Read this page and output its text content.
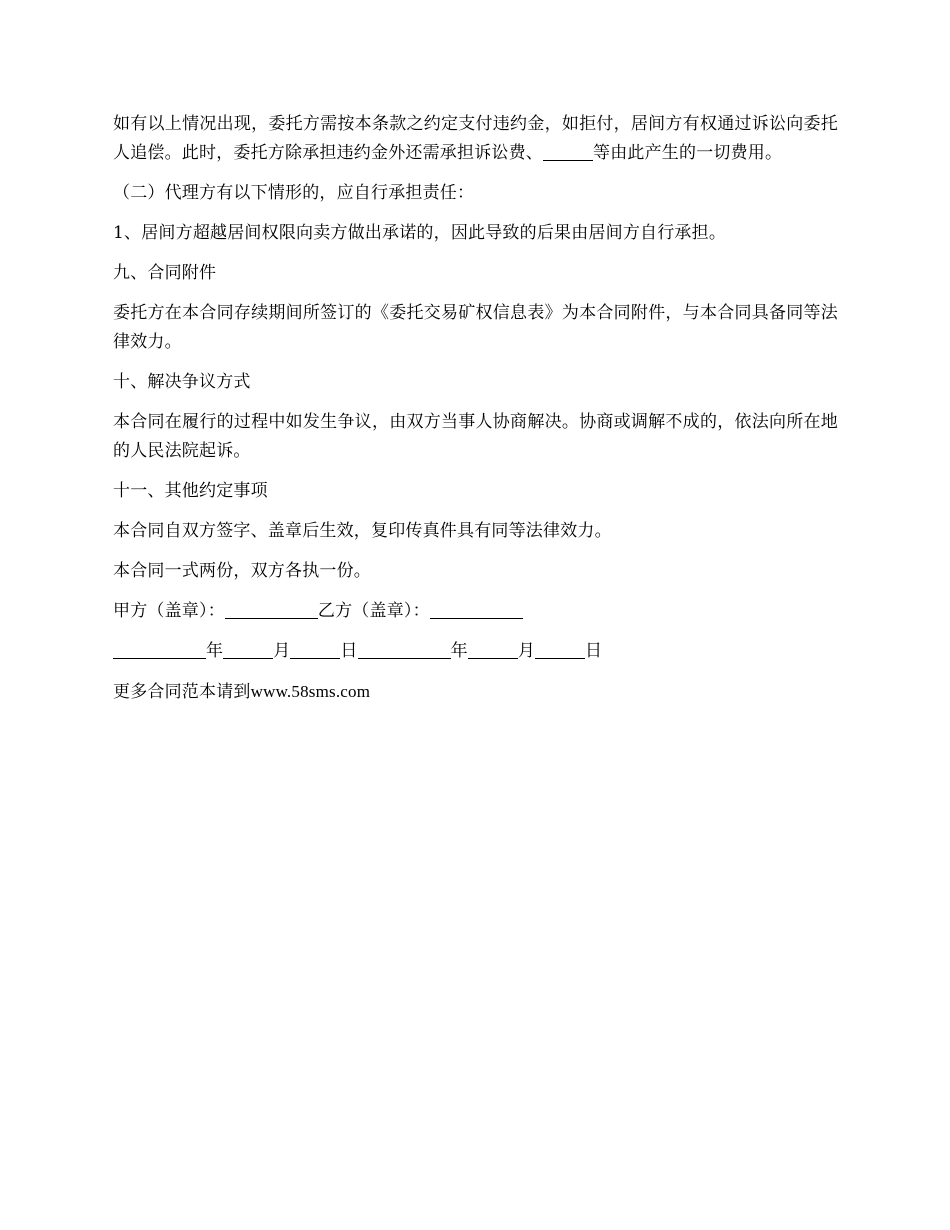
如有以上情况出现，委托方需按本条款之约定支付违约金，如拒付，居间方有权通过诉讼向委托人追偿。此时，委托方除承担违约金外还需承担诉讼费、	等由此产生的一切费用。

（二）代理方有以下情形的，应自行承担责任：

1、居间方超越居间权限向卖方做出承诺的，因此导致的后果由居间方自行承担。

九、合同附件

委托方在本合同存续期间所签订的《委托交易矿权信息表》为本合同附件，与本合同具备同等法律效力。

十、解决争议方式

本合同在履行的过程中如发生争议，由双方当事人协商解决。协商或调解不成的，依法向所在地的人民法院起诉。

十一、其他约定事项

本合同自双方签字、盖章后生效，复印传真件具有同等法律效力。

本合同一式两份，双方各执一份。

甲方（盖章）：	乙方（盖章）：

年	月	日	年	月	日

更多合同范本请到www.58sms.com
